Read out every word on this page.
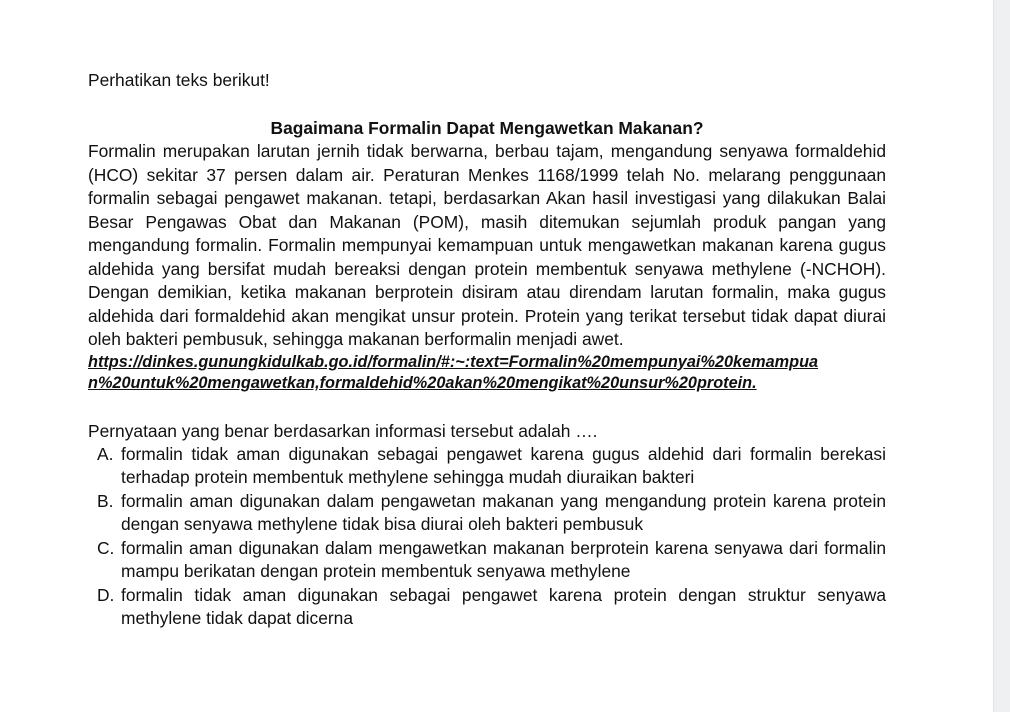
Perhatikan teks berikut!

Bagaimana Formalin Dapat Mengawetkan Makanan?

Formalin merupakan larutan jernih tidak berwarna, berbau tajam, mengandung senyawa formaldehid (HCO) sekitar 37 persen dalam air. Peraturan Menkes 1168/1999 telah No. melarang penggunaan formalin sebagai pengawet makanan. tetapi, berdasarkan Akan hasil investigasi yang dilakukan Balai Besar Pengawas Obat dan Makanan (POM), masih ditemukan sejumlah produk pangan yang mengandung formalin. Formalin mempunyai kemampuan untuk mengawetkan makanan karena gugus aldehida yang bersifat mudah bereaksi dengan protein membentuk senyawa methylene (-NCHOH). Dengan demikian, ketika makanan berprotein disiram atau direndam larutan formalin, maka gugus aldehida dari formaldehid akan mengikat unsur protein. Protein yang terikat tersebut tidak dapat diurai oleh bakteri pembusuk, sehingga makanan berformalin menjadi awet.
https://dinkes.gunungkidulkab.go.id/formalin/#:~:text=Formalin%20mempunyai%20kemampuan%20untuk%20mengawetkan,formaldehid%20akan%20mengikat%20unsur%20protein.

Pernyataan yang benar berdasarkan informasi tersebut adalah ….

A. formalin tidak aman digunakan sebagai pengawet karena gugus aldehid dari formalin berekasi terhadap protein membentuk methylene sehingga mudah diuraikan bakteri
B. formalin aman digunakan dalam pengawetan makanan yang mengandung protein karena protein dengan senyawa methylene tidak bisa diurai oleh bakteri pembusuk
C. formalin aman digunakan dalam mengawetkan makanan berprotein karena senyawa dari formalin mampu berikatan dengan protein membentuk senyawa methylene
D. formalin tidak aman digunakan sebagai pengawet karena protein dengan struktur senyawa methylene tidak dapat dicerna
